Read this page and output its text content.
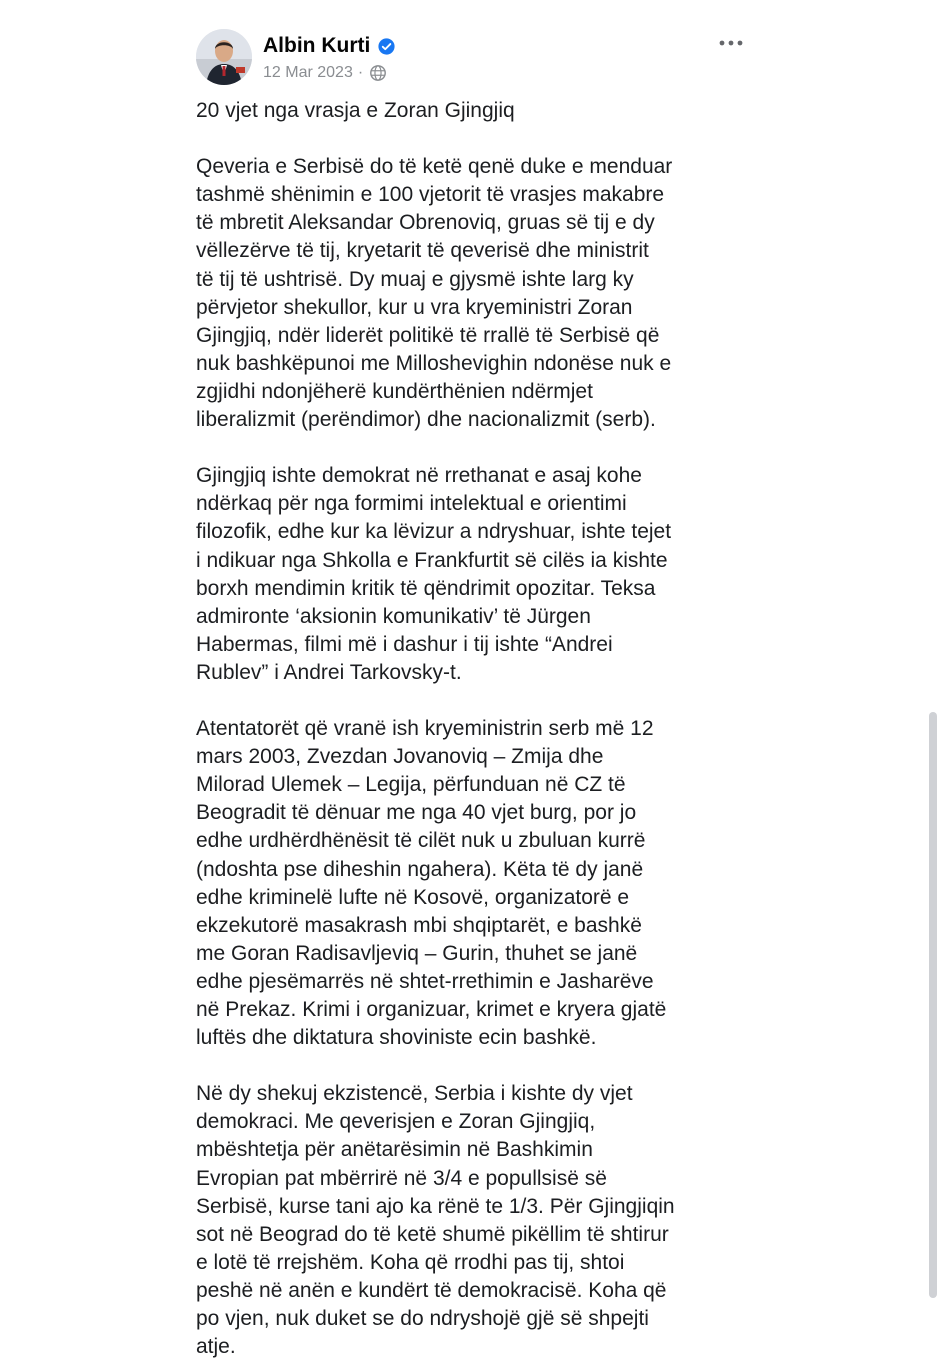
Albin Kurti
12 Mar 2023 ·

20 vjet nga vrasja e Zoran Gjingjiq

Qeveria e Serbisë do të ketë qenë duke e menduar
tashmë shënimin e 100 vjetorit të vrasjes makabre
të mbretit Aleksandar Obrenoviq, gruas së tij e dy
vëllezërve të tij, kryetarit të qeverisë dhe ministrit
të tij të ushtrisë. Dy muaj e gjysmë ishte larg ky
përvjetor shekullor, kur u vra kryeministri Zoran
Gjingjiq, ndër liderët politikë të rrallë të Serbisë që
nuk bashkëpunoi me Milloshevighin ndonëse nuk e
zgjidhi ndonjëherë kundërthënien ndërmjet
liberalizmit (perëndimor) dhe nacionalizmit (serb).

Gjingjiq ishte demokrat në rrethanat e asaj kohe
ndërkaq për nga formimi intelektual e orientimi
filozofik, edhe kur ka lëvizur a ndryshuar, ishte tejet
i ndikuar nga Shkolla e Frankfurtit së cilës ia kishte
borxh mendimin kritik të qëndrimit opozitar. Teksa
admironte ‘aksionin komunikativ’ të Jürgen
Habermas, filmi më i dashur i tij ishte “Andrei
Rublev” i Andrei Tarkovsky-t.

Atentatorët që vranë ish kryeministrin serb më 12
mars 2003, Zvezdan Jovanoviq – Zmija dhe
Milorad Ulemek – Legija, përfunduan në CZ të
Beogradit të dënuar me nga 40 vjet burg, por jo
edhe urdhërdhënësit të cilët nuk u zbuluan kurrë
(ndoshta pse diheshin ngahera). Këta të dy janë
edhe kriminelë lufte në Kosovë, organizatorë e
ekzekutorë masakrash mbi shqiptarët, e bashkë
me Goran Radisavljeviq – Gurin, thuhet se janë
edhe pjesëmarrës në shtet-rrethimin e Jasharëve
në Prekaz. Krimi i organizuar, krimet e kryera gjatë
luftës dhe diktatura shoviniste ecin bashkë.

Në dy shekuj ekzistencë, Serbia i kishte dy vjet
demokraci. Me qeverisjen e Zoran Gjingjiq,
mbështetja për anëtarësimin në Bashkimin
Evropian pat mbërrirë në 3/4 e popullsisë së
Serbisë, kurse tani ajo ka rënë te 1/3. Për Gjingjiqin
sot në Beograd do të ketë shumë pikëllim të shtirur
e lotë të rrejshëm. Koha që rrodhi pas tij, shtoi
peshë në anën e kundërt të demokracisë. Koha që
po vjen, nuk duket se do ndryshojë gjë së shpejti
atje.
